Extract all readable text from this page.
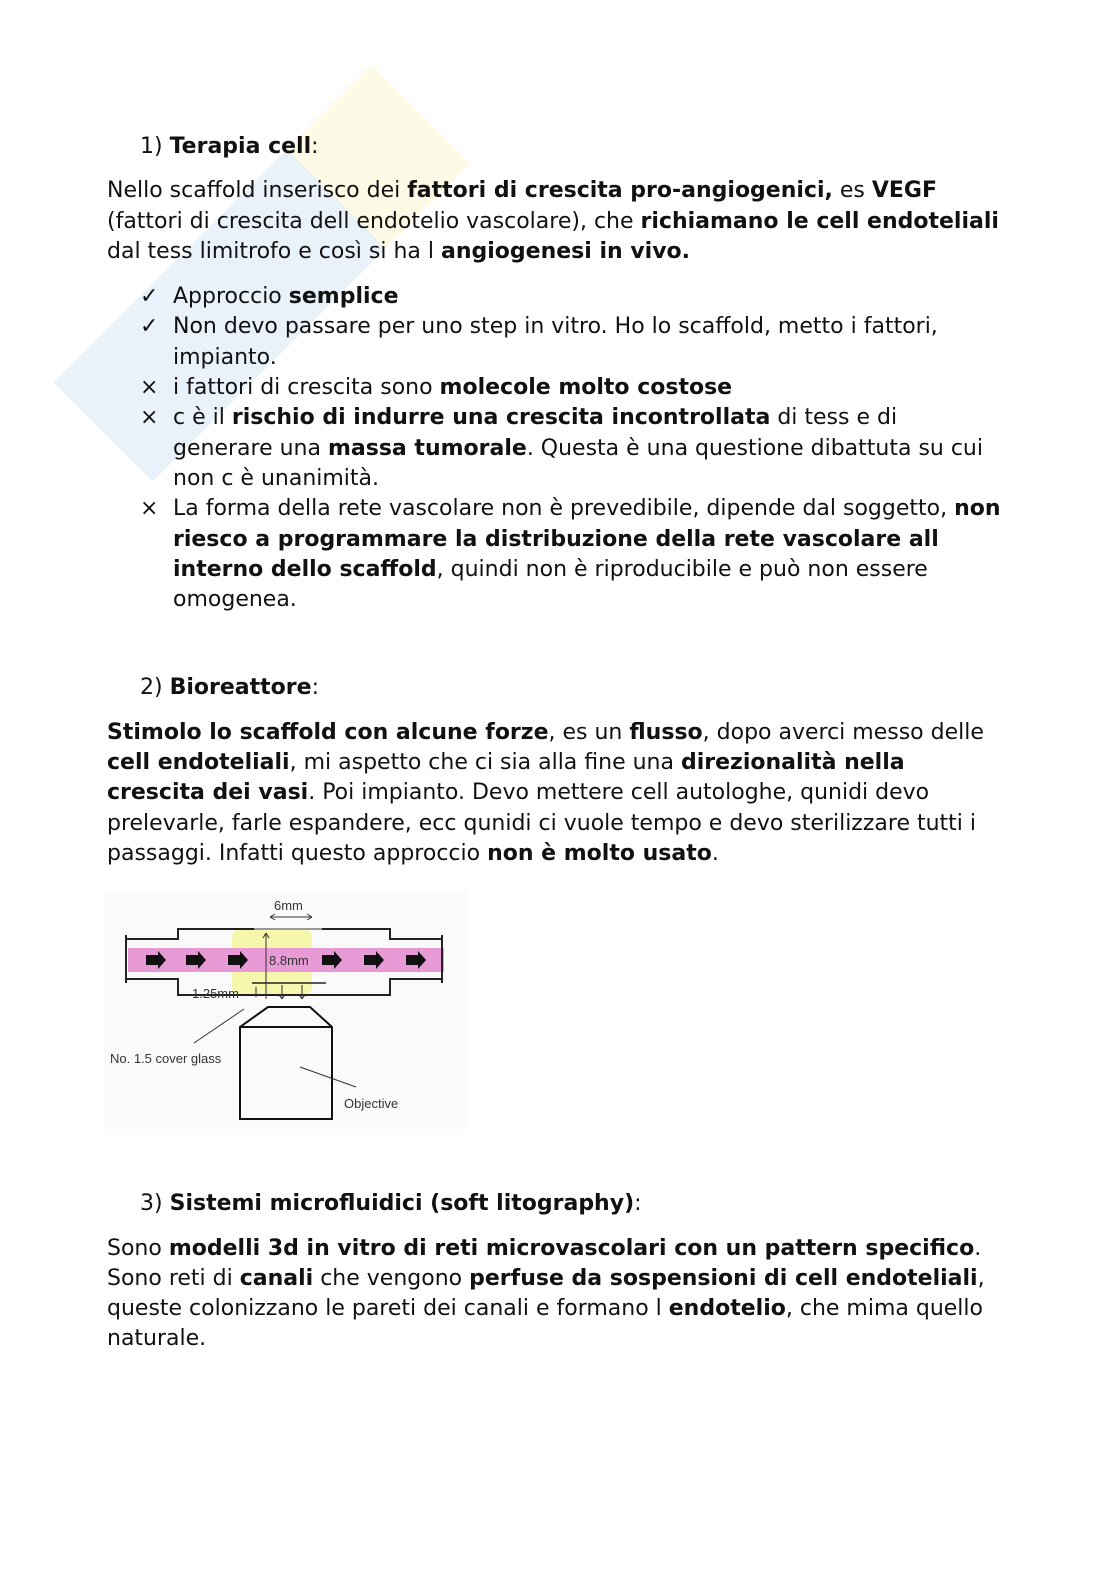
1) Terapia cell:
Nello scaffold inserisco dei fattori di crescita pro-angiogenici, es VEGF (fattori di crescita dell endotelio vascolare), che richiamano le cell endoteliali dal tess limitrofo e così si ha l angiogenesi in vivo.
✓ Approccio semplice
✓ Non devo passare per uno step in vitro. Ho lo scaffold, metto i fattori, impianto.
× i fattori di crescita sono molecole molto costose
× c è il rischio di indurre una crescita incontrollata di tess e di generare una massa tumorale. Questa è una questione dibattuta su cui non c è unanimità.
× La forma della rete vascolare non è prevedibile, dipende dal soggetto, non riesco a programmare la distribuzione della rete vascolare all interno dello scaffold, quindi non è riproducibile e può non essere omogenea.
2) Bioreattore:
Stimolo lo scaffold con alcune forze, es un flusso, dopo averci messo delle cell endoteliali, mi aspetto che ci sia alla fine una direzionalità nella crescita dei vasi. Poi impianto. Devo mettere cell autologhe, qunidi devo prelevarle, farle espandere, ecc qunidi ci vuole tempo e devo sterilizzare tutti i passaggi. Infatti questo approccio non è molto usato.
6mm
8.8mm
1.25mm
No. 1.5 cover glass
Objective
3) Sistemi microfluidici (soft litography):
Sono modelli 3d in vitro di reti microvascolari con un pattern specifico. Sono reti di canali che vengono perfuse da sospensioni di cell endoteliali, queste colonizzano le pareti dei canali e formano l endotelio, che mima quello naturale.
